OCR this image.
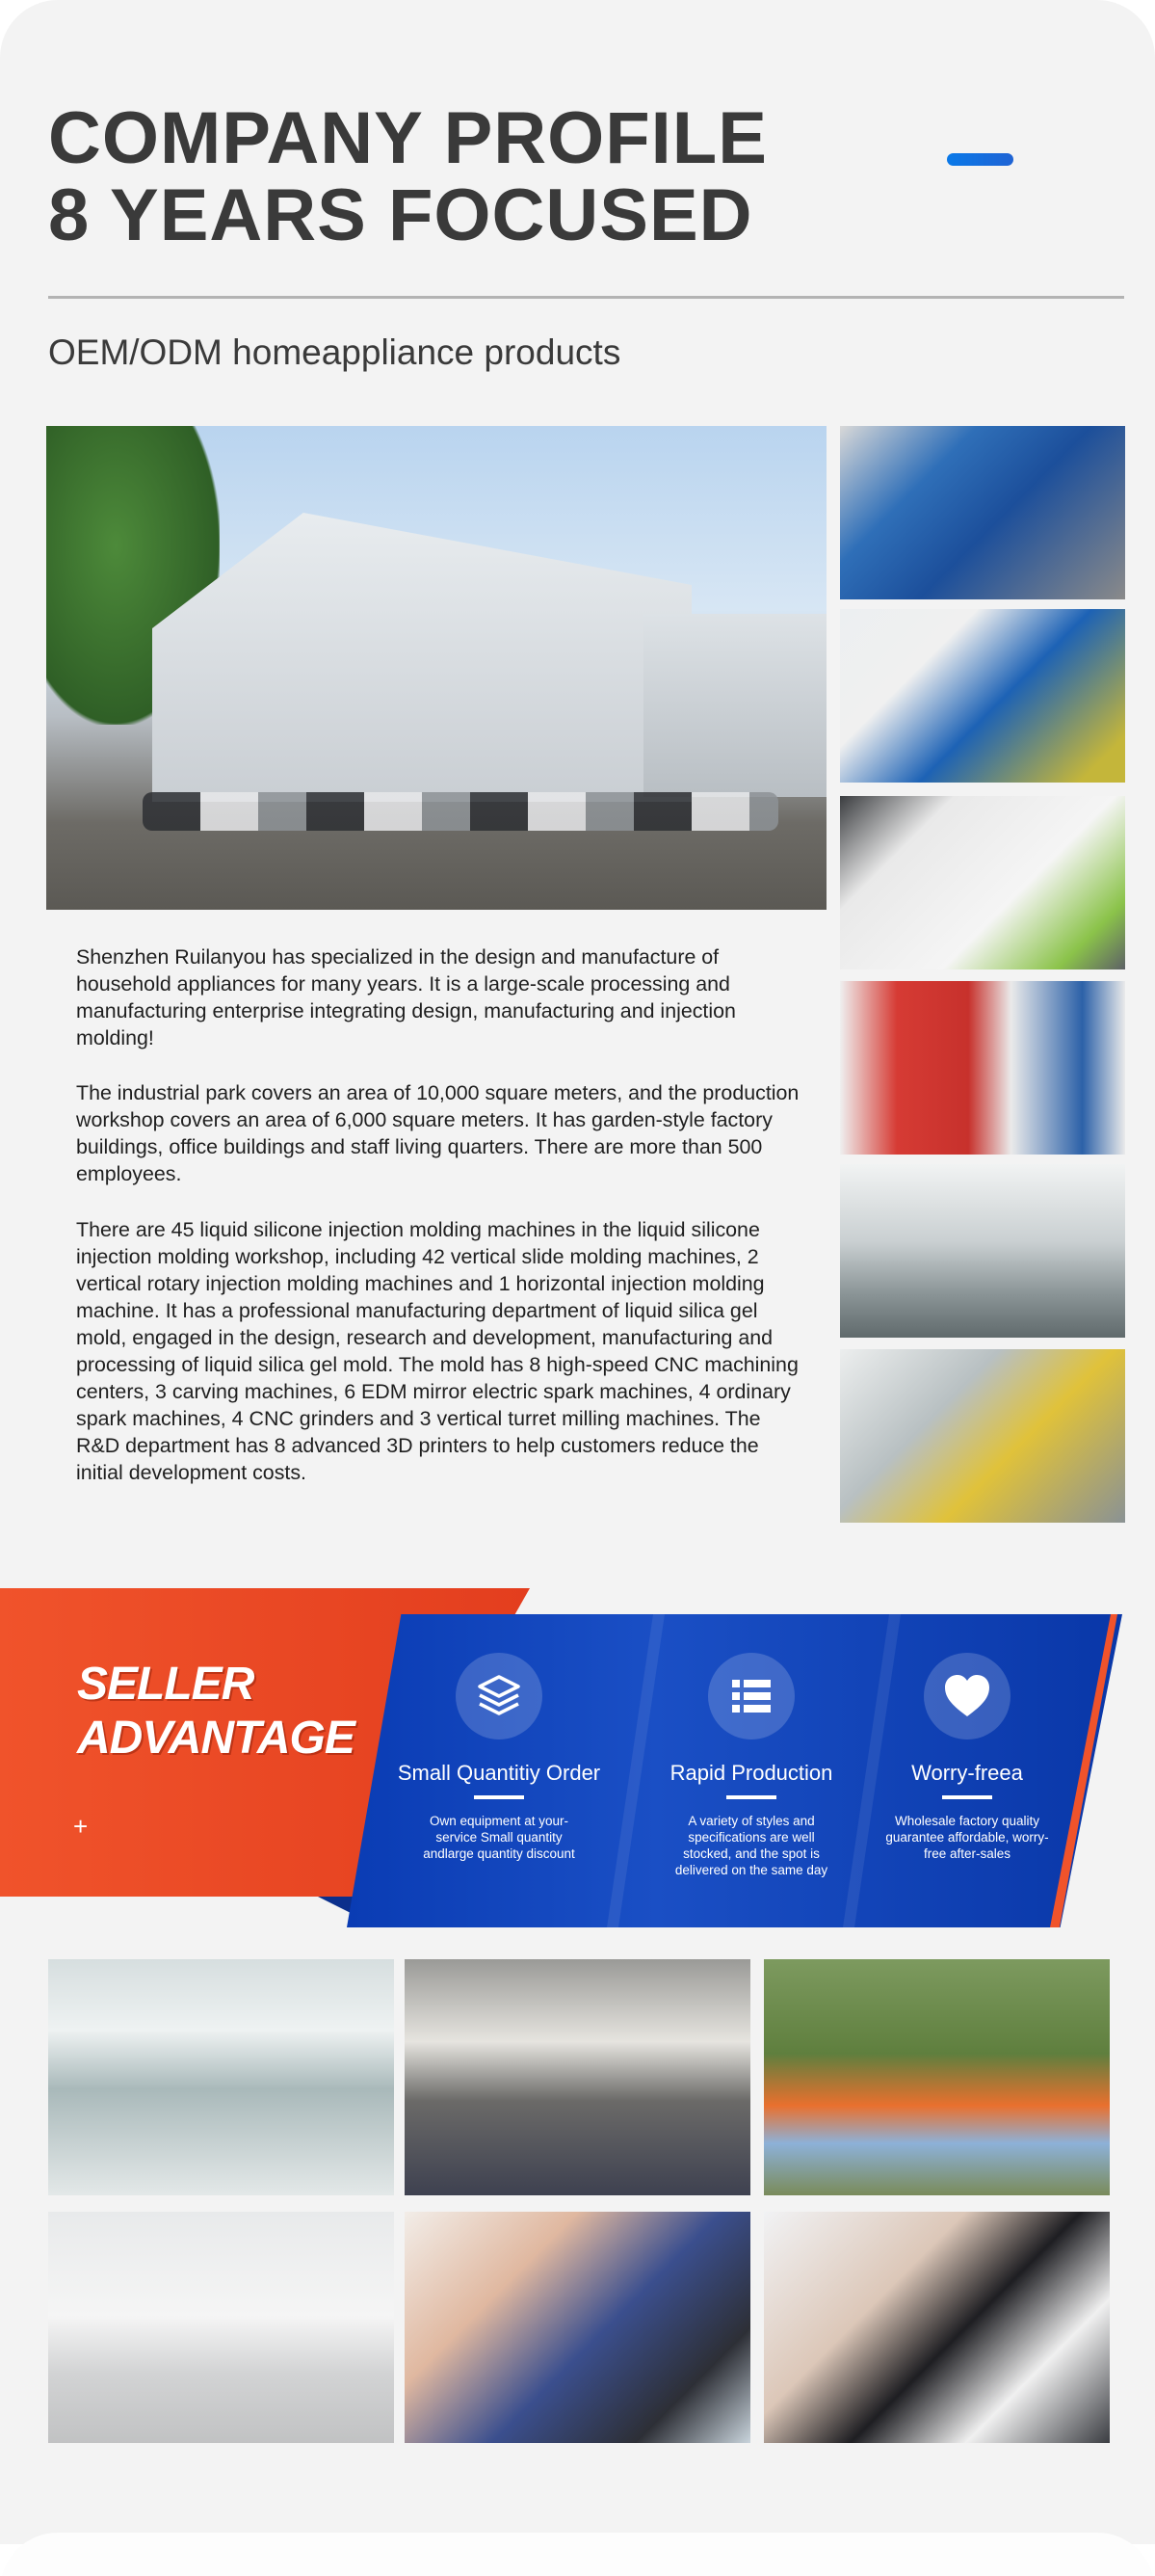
COMPANY PROFILE
8 YEARS FOCUSED
OEM/ODM homeappliance products

Shenzhen Ruilanyou has specialized in the design and manufacture of household appliances for many years. It is a large-scale processing and manufacturing enterprise integrating design, manufacturing and injection molding!

The industrial park covers an area of 10,000 square meters, and the production workshop covers an area of 6,000 square meters. It has garden-style factory buildings, office buildings and staff living quarters. There are more than 500 employees.

There are 45 liquid silicone injection molding machines in the liquid silicone injection molding workshop, including 42 vertical slide molding machines, 2 vertical rotary injection molding machines and 1 horizontal injection molding machine. It has a professional manufacturing department of liquid silica gel mold, engaged in the design, research and development, manufacturing and processing of liquid silica gel mold. The mold has 8 high-speed CNC machining centers, 3 carving machines, 6 EDM mirror electric spark machines, 4 ordinary spark machines, 4 CNC grinders and 3 vertical turret milling machines. The R&D department has 8 advanced 3D printers to help customers reduce the initial development costs.

SELLER
ADVANTAGE
+
Small Quantitiy Order
Own equipment at your-service Small quantity andlarge quantity discount
Rapid Production
A variety of styles and specifications are well stocked, and the spot is delivered on the same day
Worry-freea
Wholesale factory quality guarantee affordable, worry-free after-sales
